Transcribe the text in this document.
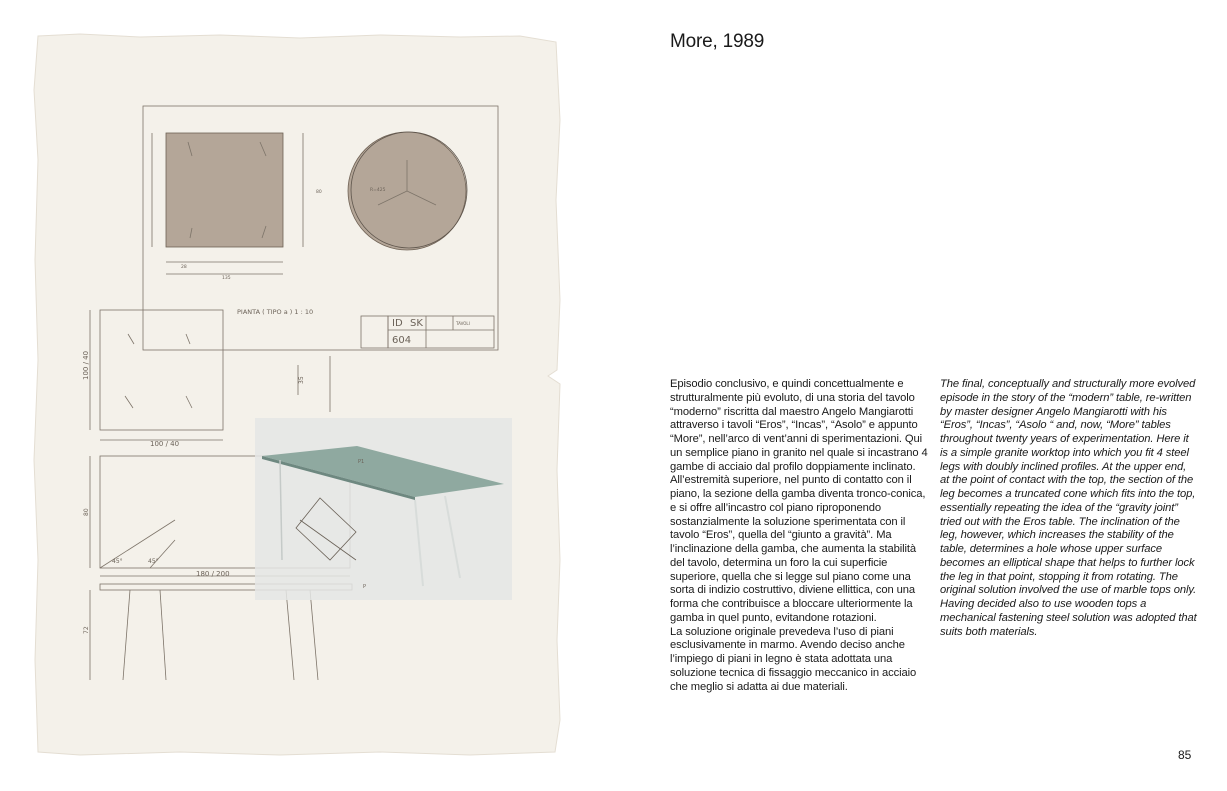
PIANTA ( TIPO a ) 1 : 10
ID SK
604
TAVOLI
100 / 40
100 / 40
180 / 200
45°	45°
35
80
72
28
135
80	R=425
P1
P
More, 1989

Episodio conclusivo, e quindi concettualmente e strutturalmente più evoluto, di una storia del tavolo “moderno” riscritta dal maestro Angelo Mangiarotti attraverso i tavoli “Eros”, “Incas”, “Asolo” e appunto “More”, nell’arco di vent’anni di sperimentazioni. Qui un semplice piano in granito nel quale si incastrano 4 gambe di acciaio dal profilo doppiamente inclinato. All’estremità superiore, nel punto di contatto con il piano, la sezione della gamba diventa tronco-conica, e si offre all’incastro col piano riproponendo sostanzialmente la soluzione sperimentata con il tavolo “Eros”, quella del “giunto a gravità”. Ma l’inclinazione della gamba, che aumenta la stabilità del tavolo, determina un foro la cui superficie superiore, quella che si legge sul piano come una sorta di indizio costruttivo, diviene ellittica, con una forma che contribuisce a bloccare ulteriormente la gamba in quel punto, evitandone rotazioni.

La soluzione originale prevedeva l’uso di piani esclusivamente in marmo. Avendo deciso anche l’impiego di piani in legno è stata adottata una soluzione tecnica di fissaggio meccanico in acciaio che meglio si adatta ai due materiali.

The final, conceptually and structurally more evolved episode in the story of the “modern” table, re-written by master designer Angelo Mangiarotti with his “Eros”, “Incas”, “Asolo “ and, now, “More” tables throughout twenty years of experimentation. Here it is a simple granite worktop into which you fit 4 steel legs with doubly inclined profiles. At the upper end, at the point of contact with the top, the section of the leg becomes a truncated cone which fits into the top, essentially repeating the idea of the “gravity joint” tried out with the Eros table. The inclination of the leg, however, which increases the stability of the table, determines a hole whose upper surface becomes an elliptical shape that helps to further lock the leg in that point, stopping it from rotating. The original solution involved the use of marble tops only. Having decided also to use wooden tops a mechanical fastening steel solution was adopted that suits both materials.

85
